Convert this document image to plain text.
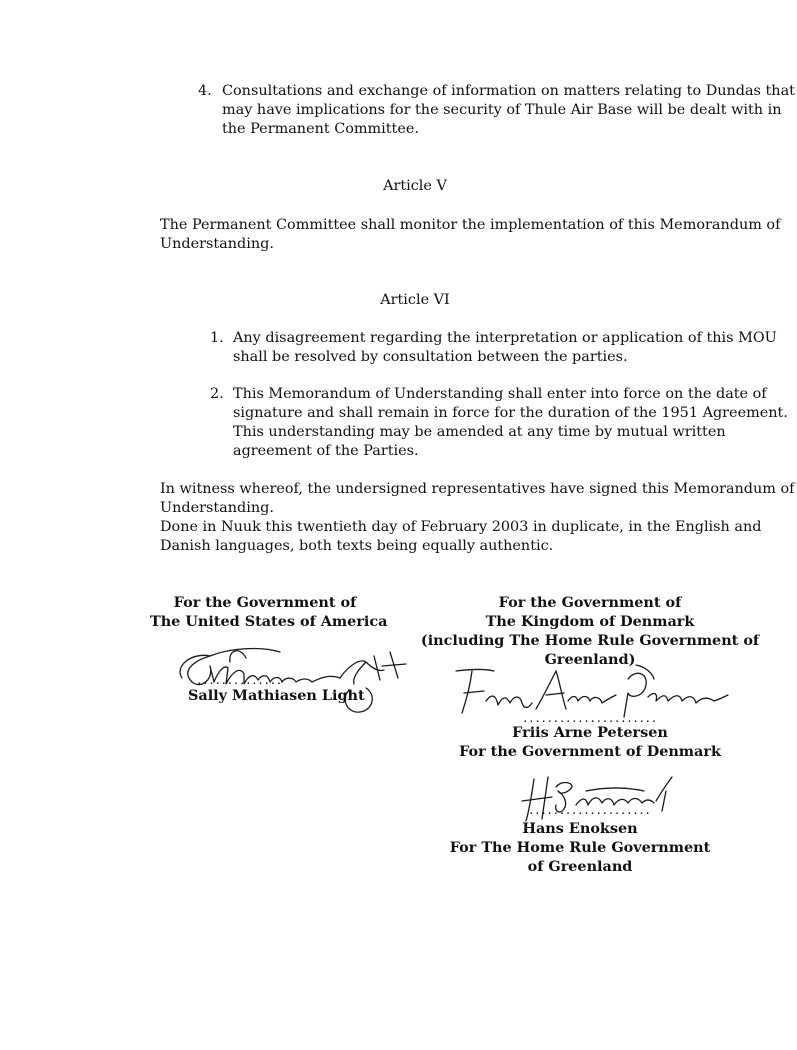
4. Consultations and exchange of information on matters relating to Dundas that
may have implications for the security of Thule Air Base will be dealt with in
the Permanent Committee.
Article V
The Permanent Committee shall monitor the implementation of this Memorandum of
Understanding.
Article VI
1. Any disagreement regarding the interpretation or application of this MOU
shall be resolved by consultation between the parties.
2. This Memorandum of Understanding shall enter into force on the date of
signature and shall remain in force for the duration of the 1951 Agreement.
This understanding may be amended at any time by mutual written
agreement of the Parties.
In witness whereof, the undersigned representatives have signed this Memorandum of
Understanding.
Done in Nuuk this twentieth day of February 2003 in duplicate, in the English and
Danish languages, both texts being equally authentic.
For the Government of
The United States of America
..............
Sally Mathiasen Light
For the Government of
The Kingdom of Denmark
(including The Home Rule Government of
Greenland)
......................
Friis Arne Petersen
For the Government of Denmark
....................
Hans Enoksen
For The Home Rule Government
of Greenland
